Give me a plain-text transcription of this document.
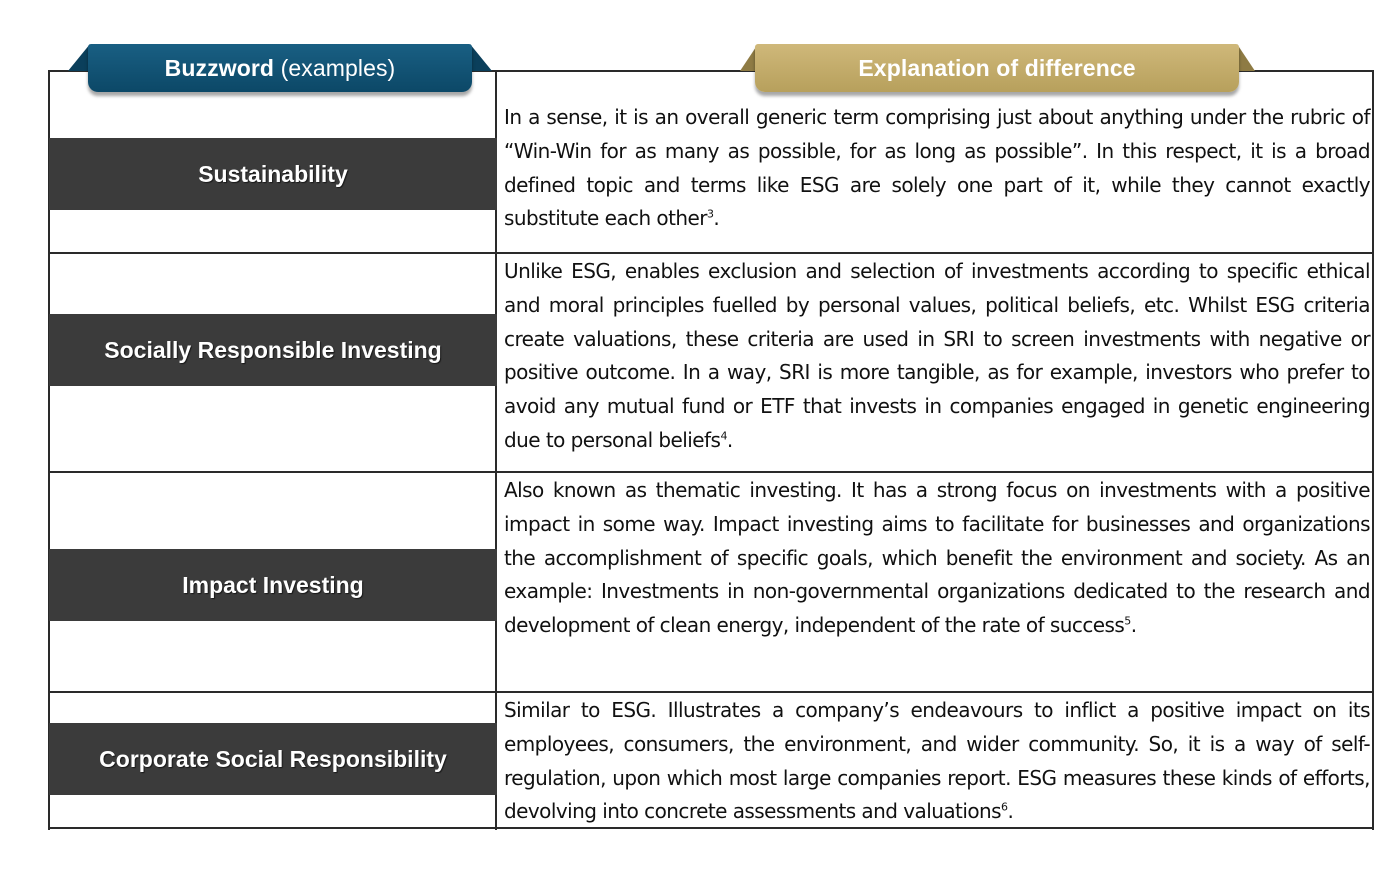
Buzzword
(examples)	Explanation of difference
Sustainability

In a sense, it is an overall generic term comprising just about anything under the rubric of “Win-Win for as many as possible, for as long as possible”. In this respect, it is a broad defined topic and terms like ESG are solely one part of it, while they cannot exactly substitute each other$^3$.

Socially Responsible Investing

Unlike ESG, enables exclusion and selection of investments according to specific ethical and moral principles fuelled by personal values, political beliefs, etc. Whilst ESG criteria create valuations, these criteria are used in SRI to screen investments with negative or positive outcome. In a way, SRI is more tangible, as for example, investors who prefer to avoid any mutual fund or ETF that invests in companies engaged in genetic engineering due to personal beliefs$^4$.

Impact Investing

Also known as thematic investing. It has a strong focus on investments with a positive impact in some way. Impact investing aims to facilitate for businesses and organizations the accomplishment of specific goals, which benefit the environment and society. As an example: Investments in non-governmental organizations dedicated to the research and development of clean energy, independent of the rate of success$^5$.

Corporate Social Responsibility

Similar to ESG. Illustrates a company’s endeavours to inflict a positive impact on its employees, consumers, the environment, and wider community. So, it is a way of self-regulation, upon which most large companies report. ESG measures these kinds of efforts, devolving into concrete assessments and valuations$^6$.
